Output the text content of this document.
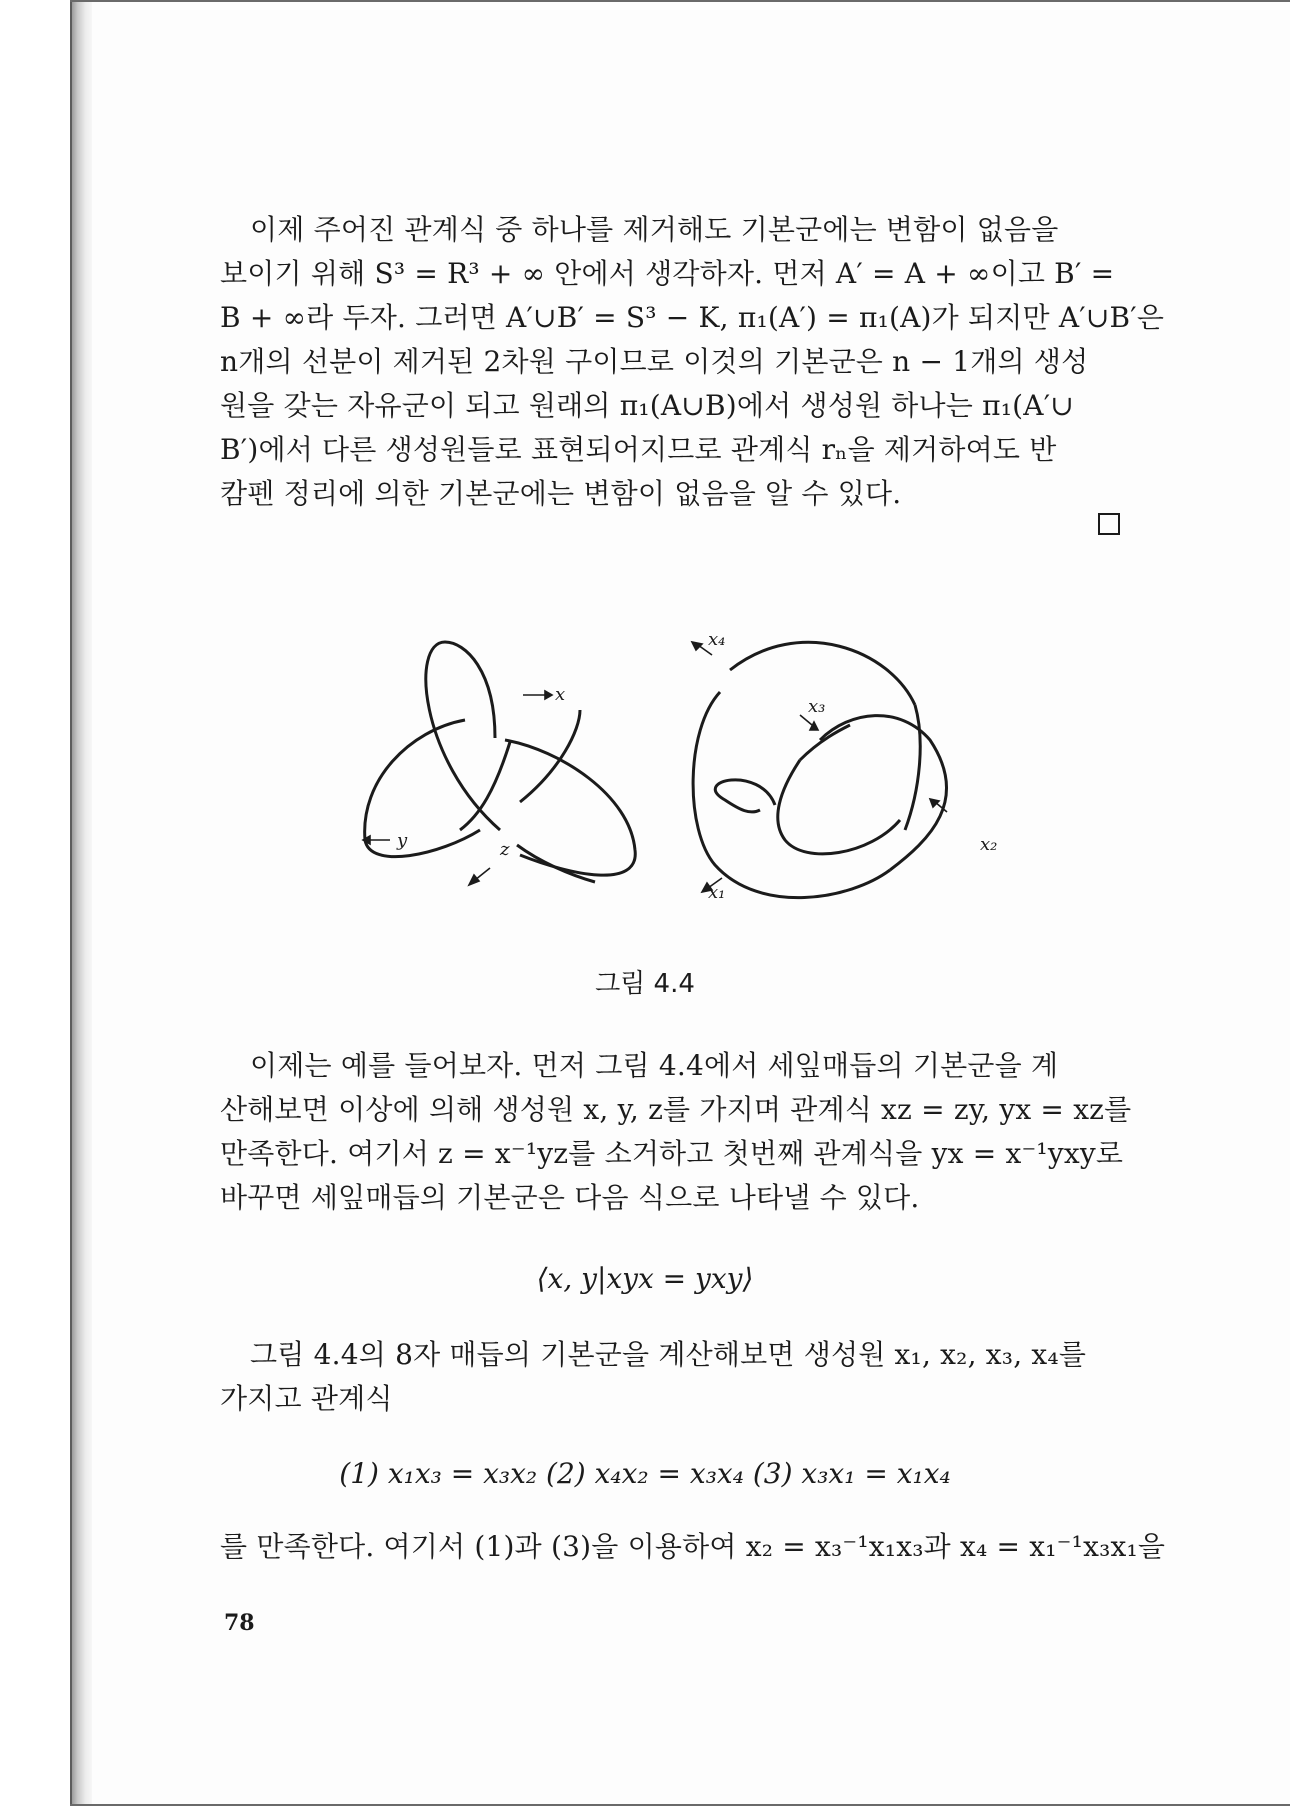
이제 주어진 관계식 중 하나를 제거해도 기본군에는 변함이 없음을
보이기 위해 S³ = R³ + ∞ 안에서 생각하자. 먼저 A′ = A + ∞이고 B′ =
B + ∞라 두자. 그러면 A′∪B′ = S³ − K, π₁(A′) = π₁(A)가 되지만 A′∪B′은
n개의 선분이 제거된 2차원 구이므로 이것의 기본군은 n − 1개의 생성
원을 갖는 자유군이 되고 원래의 π₁(A∪B)에서 생성원 하나는 π₁(A′∪
B′)에서 다른 생성원들로 표현되어지므로 관계식 rₙ을 제거하여도 반
캄펜 정리에 의한 기본군에는 변함이 없음을 알 수 있다.

x
y	z
x₄
x₃
x₂
x₁
그림 4.4

이제는 예를 들어보자. 먼저 그림 4.4에서 세잎매듭의 기본군을 계
산해보면 이상에 의해 생성원 x, y, z를 가지며 관계식 xz = zy, yx = xz를
만족한다. 여기서 z = x⁻¹yz를 소거하고 첫번째 관계식을 yx = x⁻¹yxy로
바꾸면 세잎매듭의 기본군은 다음 식으로 나타낼 수 있다.

⟨x, y|xyx = yxy⟩

그림 4.4의 8자 매듭의 기본군을 계산해보면 생성원 x₁, x₂, x₃, x₄를
가지고 관계식

(1) x₁x₃ = x₃x₂ (2) x₄x₂ = x₃x₄ (3) x₃x₁ = x₁x₄

를 만족한다. 여기서 (1)과 (3)을 이용하여 x₂ = x₃⁻¹x₁x₃과 x₄ = x₁⁻¹x₃x₁을

78
